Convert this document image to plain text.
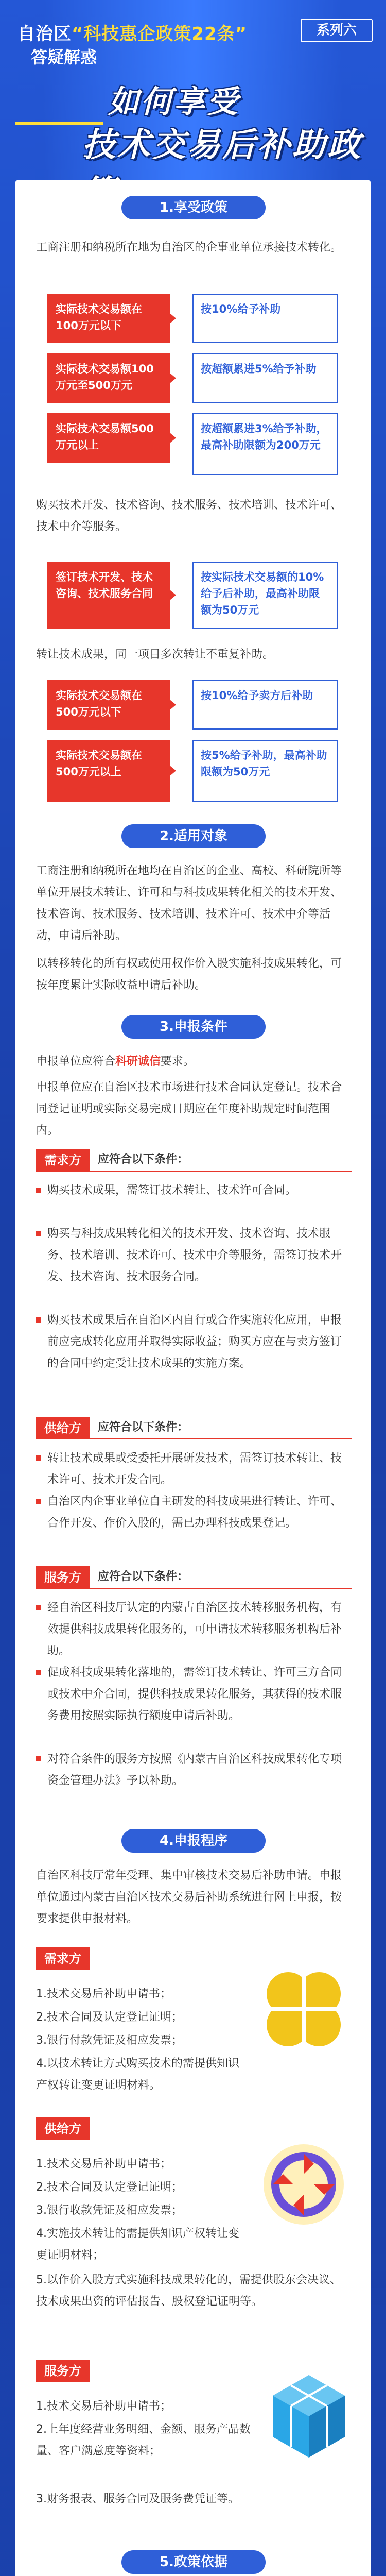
自治区“科技惠企政策22条”
答疑解惑
系列六
如何享受
技术交易后补助政
1.享受政策
工商注册和纳税所在地为自治区的企事业单位承接技术转化。
实际技术交易额在100万元以下
按10%给予补助
实际技术交易额100万元至500万元
按超额累进5%给予补助
实际技术交易额500万元以上
按超额累进3%给予补助，最高补助限额为200万元
购买技术开发、技术咨询、技术服务、技术培训、技术许可、技术中介等服务。
签订技术开发、技术咨询、技术服务合同
按实际技术交易额的10%给予后补助，最高补助限额为50万元
转让技术成果，同一项目多次转让不重复补助。
实际技术交易额在500万元以下
按10%给予卖方后补助
实际技术交易额在500万元以上
按5%给予补助，最高补助限额为50万元
2.适用对象
工商注册和纳税所在地均在自治区的企业、高校、科研院所等单位开展技术转让、许可和与科技成果转化相关的技术开发、技术咨询、技术服务、技术培训、技术许可、技术中介等活动，申请后补助。
以转移转化的所有权或使用权作价入股实施科技成果转化，可按年度累计实际收益申请后补助。
3.申报条件
申报单位应符合科研诚信要求。
申报单位应在自治区技术市场进行技术合同认定登记。技术合同登记证明或实际交易完成日期应在年度补助规定时间范围内。
需求方	应符合以下条件：
购买技术成果，需签订技术转让、技术许可合同。
购买与科技成果转化相关的技术开发、技术咨询、技术服务、技术培训、技术许可、技术中介等服务，需签订技术开发、技术咨询、技术服务合同。
购买技术成果后在自治区内自行或合作实施转化应用，申报前应完成转化应用并取得实际收益；购买方应在与卖方签订的合同中约定受让技术成果的实施方案。
供给方	应符合以下条件：
转让技术成果或受委托开展研发技术，需签订技术转让、技术许可、技术开发合同。
自治区内企事业单位自主研发的科技成果进行转让、许可、合作开发、作价入股的，需已办理科技成果登记。
服务方	应符合以下条件：
经自治区科技厅认定的内蒙古自治区技术转移服务机构，有效提供科技成果转化服务的，可申请技术转移服务机构后补助。
促成科技成果转化落地的，需签订技术转让、许可三方合同或技术中介合同，提供科技成果转化服务，其获得的技术服务费用按照实际执行额度申请后补助。
对符合条件的服务方按照《内蒙古自治区科技成果转化专项资金管理办法》予以补助。
4.申报程序
自治区科技厅常年受理、集中审核技术交易后补助申请。申报单位通过内蒙古自治区技术交易后补助系统进行网上申报，按要求提供申报材料。
需求方
1.技术交易后补助申请书；
2.技术合同及认定登记证明；
3.银行付款凭证及相应发票；
4.以技术转让方式购买技术的需提供知识产权转让变更证明材料。
供给方
1.技术交易后补助申请书；
2.技术合同及认定登记证明；
3.银行收款凭证及相应发票；
4.实施技术转让的需提供知识产权转让变更证明材料；
5.以作价入股方式实施科技成果转化的，需提供股东会决议、技术成果出资的评估报告、股权登记证明等。
服务方
1.技术交易后补助申请书；
2.上年度经营业务明细、金额、服务产品数量、客户满意度等资料；
3.财务报表、服务合同及服务费凭证等。
5.政策依据
